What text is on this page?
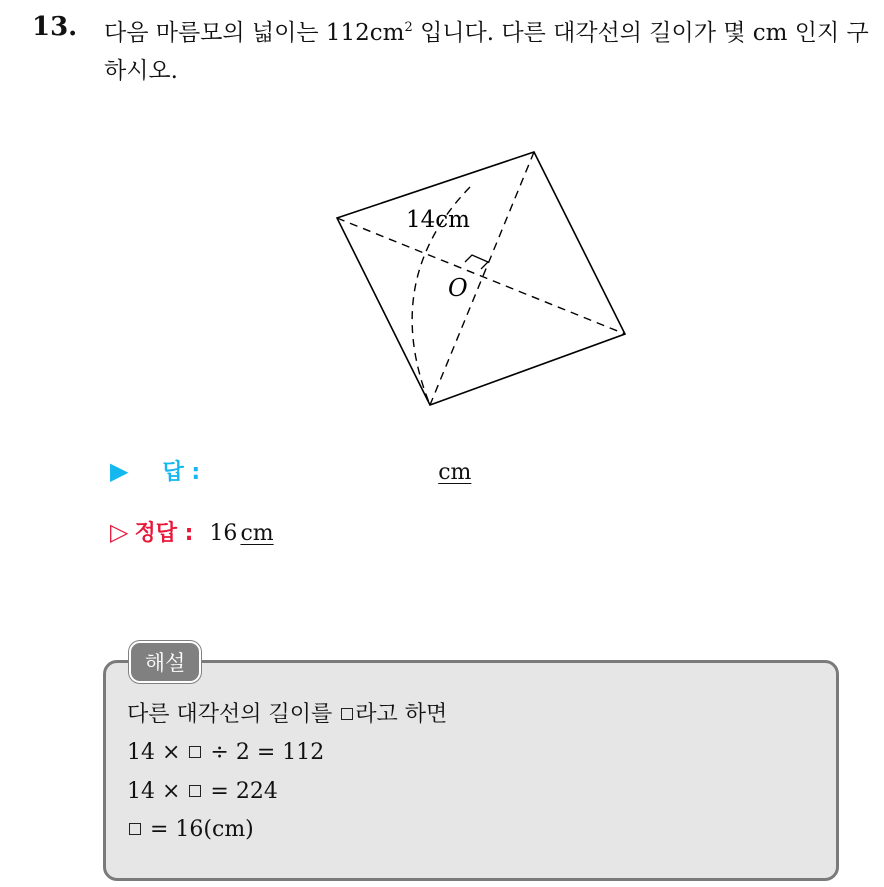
13. 다음 마름모의 넓이는 $112cm^2$ 입니다. 다른 대각선의 길이가 몇 cm 인지 구하시오.
14cm
O
▶ 답 :	cm
▷ 정답 : 16 cm
해설
다른 대각선의 길이를 라고 하면
14 ×  ÷ 2 = 112
14 ×  = 224
= 16(cm)
